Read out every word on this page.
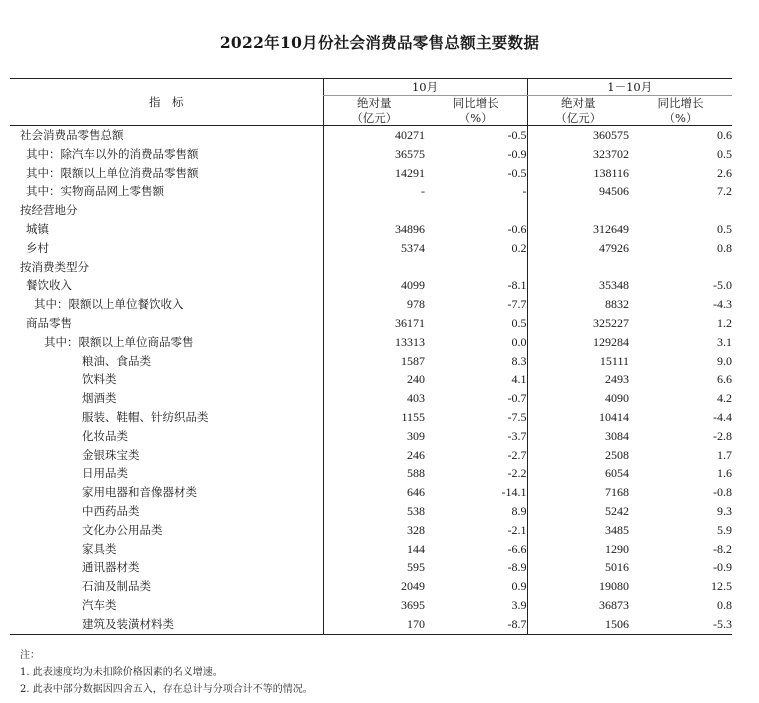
2022年10月份社会消费品零售总额主要数据
指　标	10月		1－10月	
	绝对量	同比增长	绝对量	同比增长
	（亿元）	（%）	（亿元）	（%）
社会消费品零售总额	40271	-0.5	360575	0.6
其中：除汽车以外的消费品零售额	36575	-0.9	323702	0.5
其中：限额以上单位消费品零售额	14291	-0.5	138116	2.6
其中：实物商品网上零售额	-	-	94506	7.2
按经营地分				
城镇	34896	-0.6	312649	0.5
乡村	5374	0.2	47926	0.8
按消费类型分				
餐饮收入	4099	-8.1	35348	-5.0
其中：限额以上单位餐饮收入	978	-7.7	8832	-4.3
商品零售	36171	0.5	325227	1.2
其中：限额以上单位商品零售	13313	0.0	129284	3.1
粮油、食品类	1587	8.3	15111	9.0
饮料类	240	4.1	2493	6.6
烟酒类	403	-0.7	4090	4.2
服装、鞋帽、针纺织品类	1155	-7.5	10414	-4.4
化妆品类	309	-3.7	3084	-2.8
金银珠宝类	246	-2.7	2508	1.7
日用品类	588	-2.2	6054	1.6
家用电器和音像器材类	646	-14.1	7168	-0.8
中西药品类	538	8.9	5242	9.3
文化办公用品类	328	-2.1	3485	5.9
家具类	144	-6.6	1290	-8.2
通讯器材类	595	-8.9	5016	-0.9
石油及制品类	2049	0.9	19080	12.5
汽车类	3695	3.9	36873	0.8
建筑及装潢材料类	170	-8.7	1506	-5.3
注：
1. 此表速度均为未扣除价格因素的名义增速。
2. 此表中部分数据因四舍五入，存在总计与分项合计不等的情况。
